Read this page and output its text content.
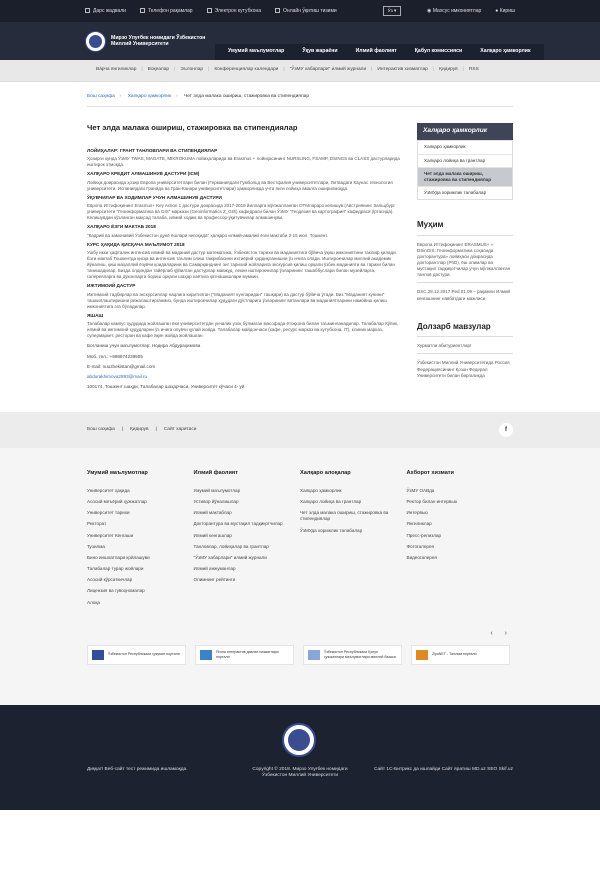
Дарс жадвали	Телефон рақамлар	Электрон кутубхона	Онлайн ўқитиш тизими	Ўз ▾	◉ Махсус имкониятлар	● Кириш
Мирзо Улуғбек номидаги Ўзбекистон Миллий Университети
Умумий маълумотлар	Ўқув жараёни	Илмий фаолият	Қабул комиссияси	Халқаро ҳамкорлик
Ва́рча янгиликлар | Воқеалар | Эълонлар | Конференциялар календари | "ЎзМУ хабарлари" илмий журнали | Интерактив хизматлар | Қидирув | RSS
Бош саҳифа › Халқаро ҳамкорлик › Чет элда малака ошириш, стажировка ва стипендиялар
Чет элда малака ошириш, стажировка ва стипендиялар
ЛОЙИҲАЛАР: ГРАНТ ТАНЛОВЛАРИ ВА СТИПЕНДИЯЛАР
Ҳозирги кунда ЎзМУ TWAS, MAGATE, MIKROKUMA лойиҳаларида ва Erasmus + лойиҳасининг NURSLING, FSAMP, DSINGS ва CLASS дастурларида иштирок этмоқда.
ХАЛҚАРО КРЕДИТ АЛМАШИНУВ ДАСТУРИ (ICM)
Лойиҳа доирасида ҳозир Европа университетлари билан (Германиядаги Гумбольд ва Вестфалия университетлари, Литвадаги Каунас технология университети, Испаниядаги Гранада ва Гран-Канари университетлари) ҳамкорликда учта янги лойиҳа амалга оширилмоқда.
ЎҚУВЧИЛАР ВА ХОДИМЛАР УЧУН АЛМАШИНУВ ДАСТУРИ
Европа Иттифоқининг Erasmus+ Key Action 1 дастури доирасида 2017-2019 йилларга мўлжалланган ОТМларaро келишув (Австриянинг Зальцбург университети "Геоинформатика ва GIS" маркази (Geoinformatics Z_GIS) кафедраси билан ЎзМУ "Геодезия ва картография" кафедраси ўртасида). Келишувдан кўзланган мақсад талаба, илмий ходим ва профессор-ўқитувчилар алмашинуви.
ХАЛҚАРО ЁЗГИ МАКТАБ 2018
"Кадрий ва замонавий Ўзбекистон дунё ёшлари нигоҳида" ҳалқаро илмий-амалий ёзги мактаби 2-15 июл. Тошкент.
КУРС ҲАҚИДА ҚИСҚАЧА МАЪЛУМОТ 2018
Ушбу икки ҳафталик интенсив илмий ва маданий дастур математика, Ўзбекистон тарихи ва маданиятига бўйича ўқиш имкониятини таклиф қилади. Ёзги мактаб Тошкентда қисқа ва интенсив таълим олиш тажрибасини ихтиёрий ҳордиқланишни ўз ичига олади. Иштирокчилар миллий академик йўналиш, қиш маҳаллий ёзувчи қоидаларини ва Самарқанднинг энг тарихий жойларига экскурсия қилиш орқали ўзбек маданияти ва тарихи билан танишадилар. Бизда олдиндан тайёрлаб қўйилган дастурлар мавжуд, лекин иштирокчилар ўзларининг ташаббуслари билан музейларга, галереяларга ва дўконларга бориш орқали шаҳар хаётига қатнашишлари мумкин.
ИЖТИМОИЙ ДАСТУР
Ижтимоий тадбирлар ва экскурсиялар наqлига киритилган ("Маданият кунларидан" ташқари) ва дастур бўйича ўтади. Биз "Маданият кунини" ташкиллаштиришни режалаштирганмиз, бунда иштирокчилар ҳудудаги дўстларига ўзларининг ватанлари ва маданиятларини намойиш қилиш имкониятига эга бўладилар.
ЯШАШ
Талабалар кампус ҳудудида жойлашган ёки университетдан унчалик узоқ бўлмаган масофада ётоқхона билан таъминланадилар. Талабалар Кўпик, илмий ва ижтимоий ҳудудларни ўз ичига олувчи қулай жойда. Талабалар майдончаси (кафе, ресурс марказ ва кутубхона, IT), клиник марказ, супермаркет, ресторан ва кафе яқин жойда жойлашган.
Боғланиш учун маълумотлар: Нодира Абдураҳимова
Моб. тел.: +998974239505
E-mail: nuuzbekistan@gmail.com
abdurakhimova2893@mail.ru
100174, Тошкент шаҳри, Талабалар шаҳарчаси, Университет кўчаси 4- уй
Халқаро ҳамкорлик
Халқаро ҳамкорлик
Халқаро лойиҳа ва грантлар
Чет элда малака ошириш, стажировка ва стипендиялар
ЎзМУда хорижлик талабалар
Муҳим
Европа Иттифоқининг ERASMUS+ « DSinGIS: Геоинформатика соҳасида докторантура» лойиҳаси доирасида докторантлар (PhD), ёш олимлар ва мустақил тадқиқотчилар учун мўлжалланган танлов дастури.
DSC.28.12.2017.Ped.01.09 – рақамли Илмий кенгашнинг навбатдаги мажлиси
Долзарб мавзулар
Хурматли абитуриентлар!
Ўзбекистон Миллий Университетида Россия Федерациясининг Қозон Федерал Университети билан биргаликда
Бош саҳифа | Қидирув | Сайт харитаси	f
Умумий маълумотлар
Университет ҳақида
Асосий меъёрий ҳужжатлар
Университет тарихи
Ректорат
Университет Кенгаши
Тузилма
Бино иншоатлари қойлашуви
Талабалар турар жойлари
Асосий кўрсаткичлар
Лицензия ва гувоҳномалар
Алоқа
Илмий фаолият
Умумий маълумотлар
Устивор йўналишлар
Илмий мактаблар
Докторантура ва мустақил тадқиқотчилар
Илмий кенгашлар
Танловлар, лойиҳалар ва грантлар
"ЎзМУ хабарлари" илмий журнали
Илмий анжуманлар
Олимнинг рейтинги
Халқаро алоқалар
Халқаро ҳамкорлик
Халқаро лойиҳа ва грантлар
Чет элда малака ошириш, стажировка ва стипендиялар
ЎзМУда хорижлик талабалар
Ахборот хизмати
ЎзМУ ОАВда
Ректор билан интервью
Интервью
Янгиликлар
Пресс-релизлар
Фотогалерея
Видеогалерея
‹ ›
Ўзбекистон Республикаси ҳукумат портали
Ягона интерактив давлат хизматлари портали
Ўзбекистон Республикаси Қонун ҳужжатлари маълумотлари миллий базаси
ZiyoNET - Таълим портали
Диққат! Веб-сайт тест режимида ишламоқда.	Copyright © 2018. Мирзо Улуғбек номидаги Ўзбекистон Миллий Университети
Сайт 1С-Битрикс да ишлайди Сайт яратиш MD.uz SEO Skif.uz
